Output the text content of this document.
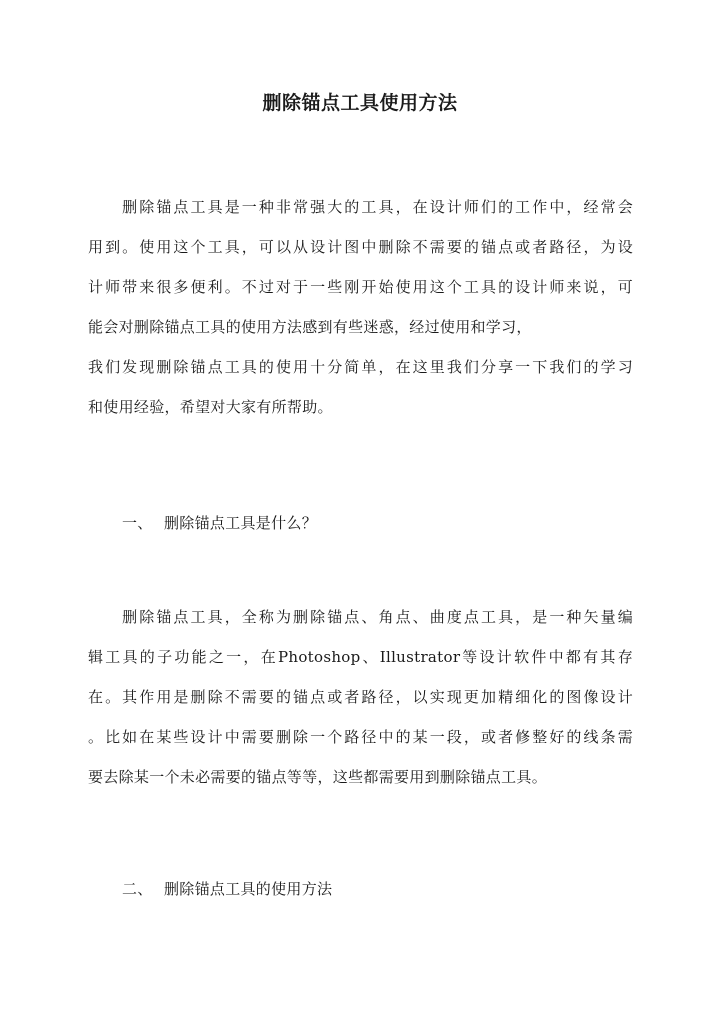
删除锚点工具使用方法
　　删除锚点工具是一种非常强大的工具，在设计师们的工作中，经常会
用到。使用这个工具，可以从设计图中删除不需要的锚点或者路径，为设
计师带来很多便利。不过对于一些刚开始使用这个工具的设计师来说，可
能会对删除锚点工具的使用方法感到有些迷惑，经过使用和学习，
我们发现删除锚点工具的使用十分简单，在这里我们分享一下我们的学习
和使用经验，希望对大家有所帮助。
一、 删除锚点工具是什么？
　　删除锚点工具，全称为删除锚点、角点、曲度点工具，是一种矢量编
辑工具的子功能之一，在Photoshop、Illustrator等设计软件中都有其存
在。其作用是删除不需要的锚点或者路径，以实现更加精细化的图像设计
。比如在某些设计中需要删除一个路径中的某一段，或者修整好的线条需
要去除某一个未必需要的锚点等等，这些都需要用到删除锚点工具。
二、 删除锚点工具的使用方法
